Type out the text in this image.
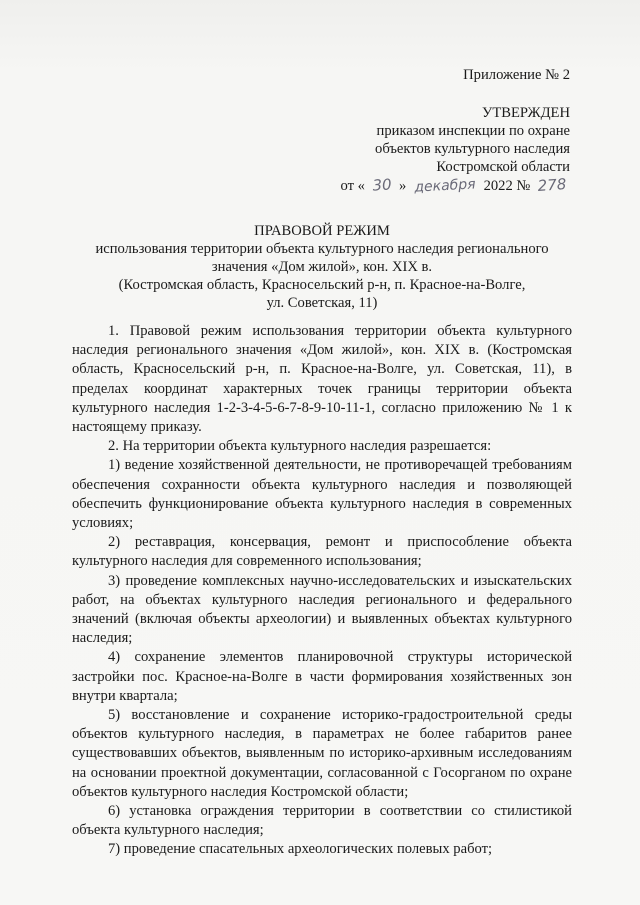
Приложение № 2
УТВЕРЖДЕН
приказом инспекции по охране
объектов культурного наследия
Костромской области
от « 30 » декабря 2022 № 278
ПРАВОВОЙ РЕЖИМ
использования территории объекта культурного наследия регионального
значения «Дом жилой», кон. XIX в.
(Костромская область, Красносельский р-н, п. Красное-на-Волге,
ул. Советская, 11)

1. Правовой режим использования территории объекта культурного наследия регионального значения «Дом жилой», кон. XIX в. (Костромская область, Красносельский р-н, п. Красное-на-Волге, ул. Советская, 11), в пределах координат характерных точек границы территории объекта культурного наследия 1-2-3-4-5-6-7-8-9-10-11-1, согласно приложению № 1 к настоящему приказу.

2. На территории объекта культурного наследия разрешается:

1) ведение хозяйственной деятельности, не противоречащей требованиям обеспечения сохранности объекта культурного наследия и позволяющей обеспечить функционирование объекта культурного наследия в современных условиях;

2) реставрация, консервация, ремонт и приспособление объекта культурного наследия для современного использования;

3) проведение комплексных научно-исследовательских и изыскательских работ, на объектах культурного наследия регионального и федерального значений (включая объекты археологии) и выявленных объектах культурного наследия;

4) сохранение элементов планировочной структуры исторической застройки пос. Красное-на-Волге в части формирования хозяйственных зон внутри квартала;

5) восстановление и сохранение историко-градостроительной среды объектов культурного наследия, в параметрах не более габаритов ранее существовавших объектов, выявленным по историко-архивным исследованиям на основании проектной документации, согласованной с Госорганом по охране объектов культурного наследия Костромской области;

6) установка ограждения территории в соответствии со стилистикой объекта культурного наследия;

7) проведение спасательных археологических полевых работ;
